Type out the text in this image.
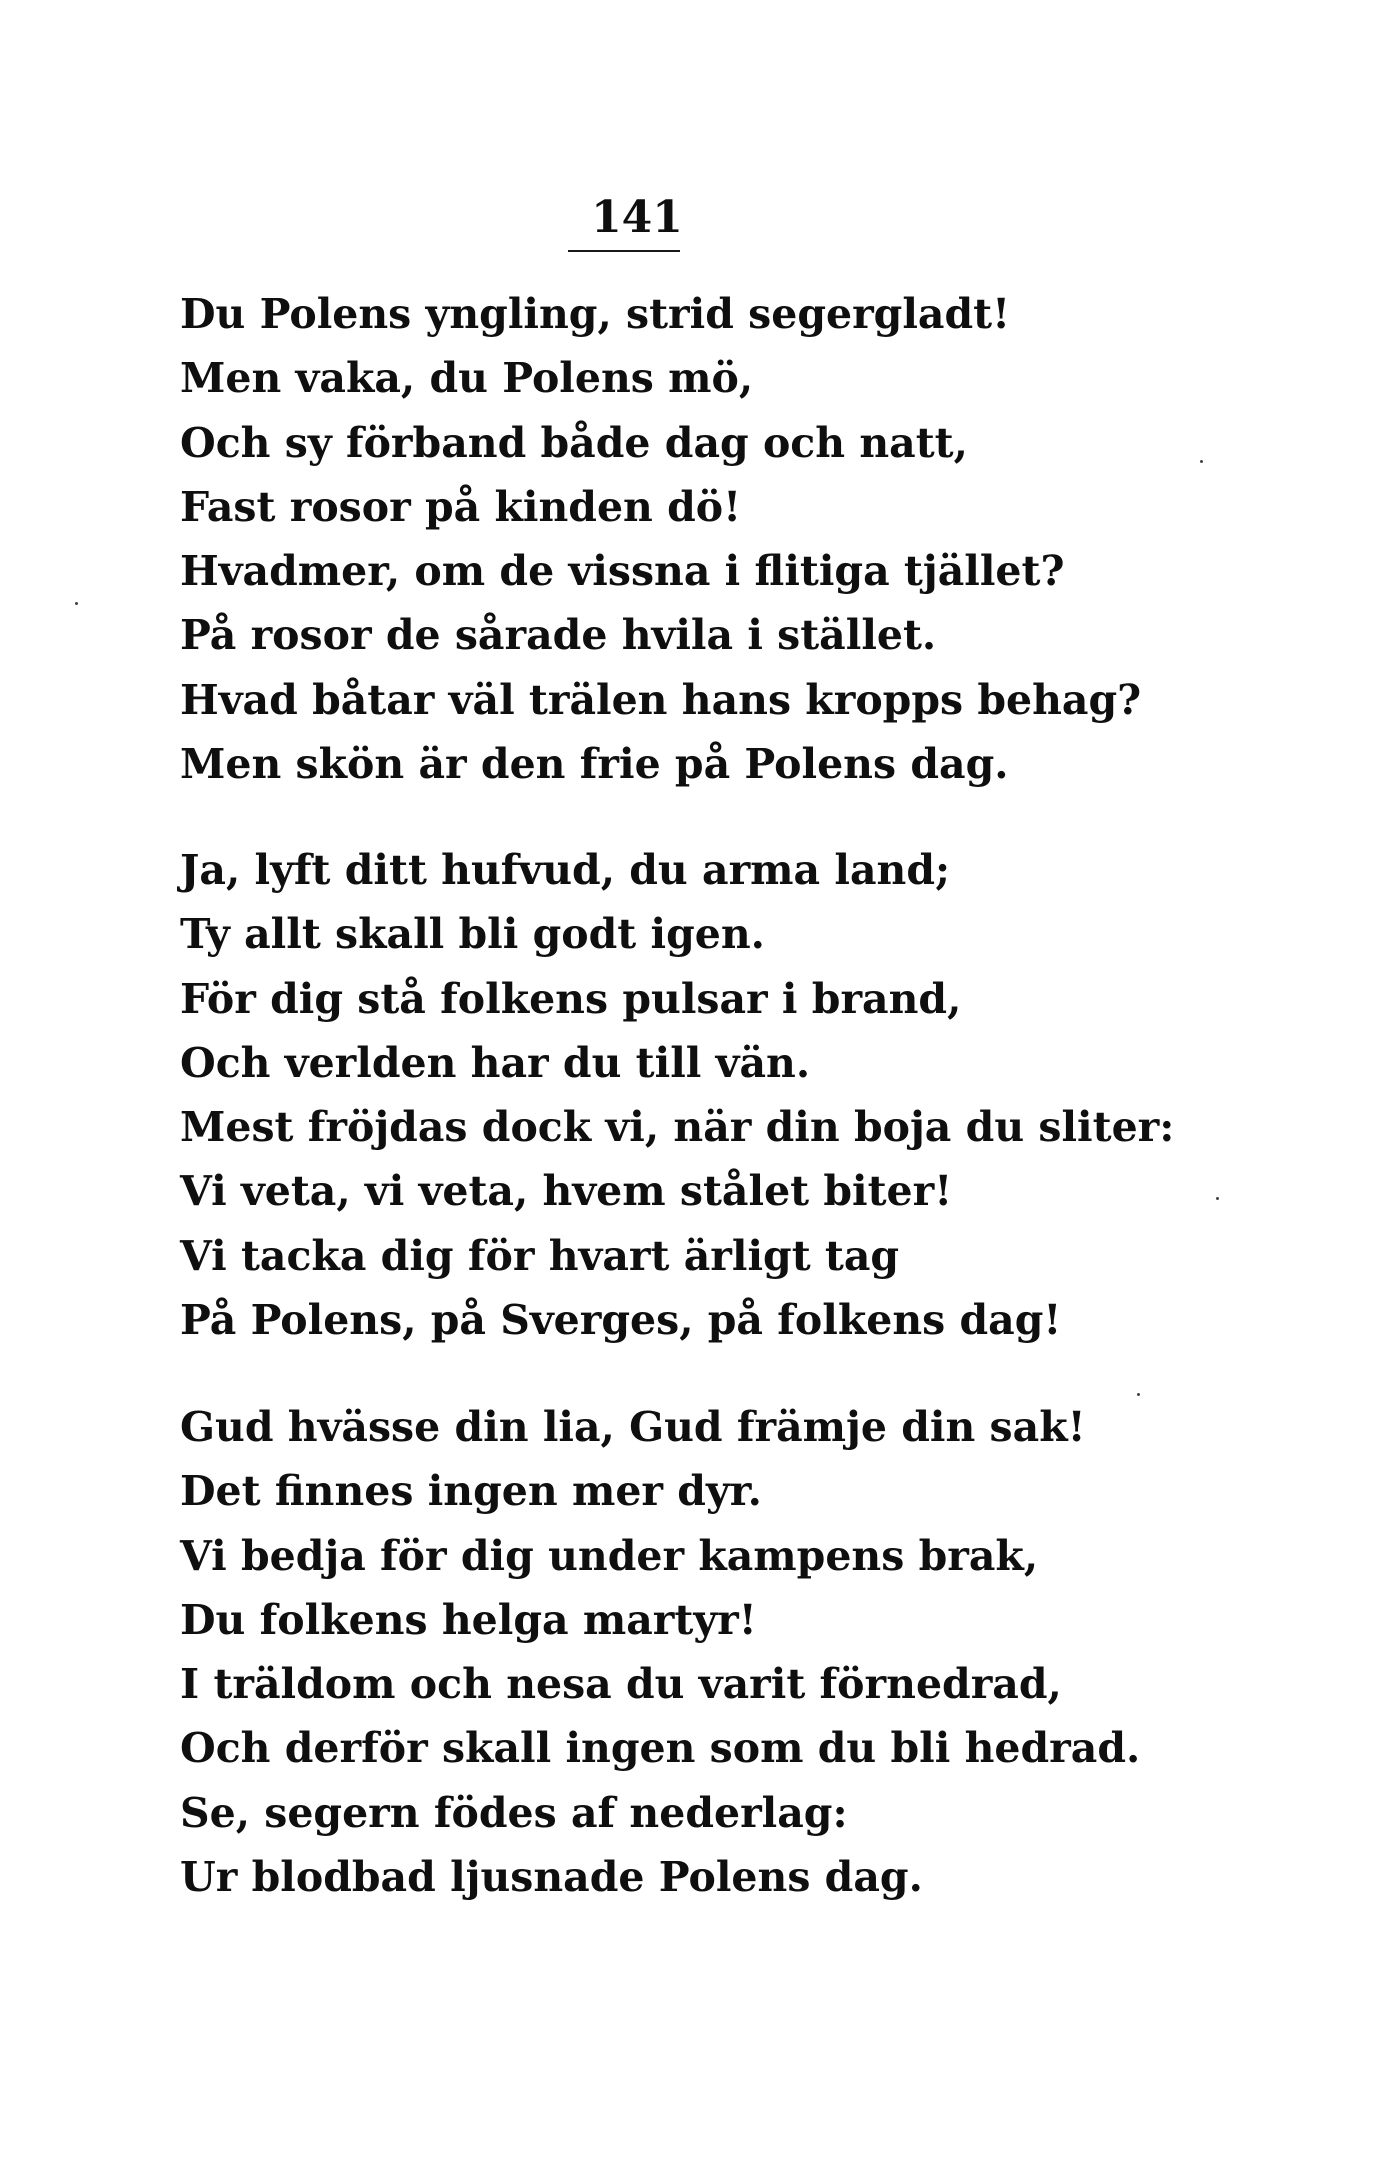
141
Du Polens yngling, strid segergladt!
Men vaka, du Polens mö,
Och sy förband både dag och natt,
Fast rosor på kinden dö!
Hvadmer, om de vissna i flitiga tjället?
På rosor de sårade hvila i stället.
Hvad båtar väl trälen hans kropps behag?
Men skön är den frie på Polens dag.
Ja, lyft ditt hufvud, du arma land;
Ty allt skall bli godt igen.
För dig stå folkens pulsar i brand,
Och verlden har du till vän.
Mest fröjdas dock vi, när din boja du sliter:
Vi veta, vi veta, hvem stålet biter!
Vi tacka dig för hvart ärligt tag
På Polens, på Sverges, på folkens dag!
Gud hvässe din lia, Gud främje din sak!
Det finnes ingen mer dyr.
Vi bedja för dig under kampens brak,
Du folkens helga martyr!
I träldom och nesa du varit förnedrad,
Och derför skall ingen som du bli hedrad.
Se, segern födes af nederlag:
Ur blodbad ljusnade Polens dag.
